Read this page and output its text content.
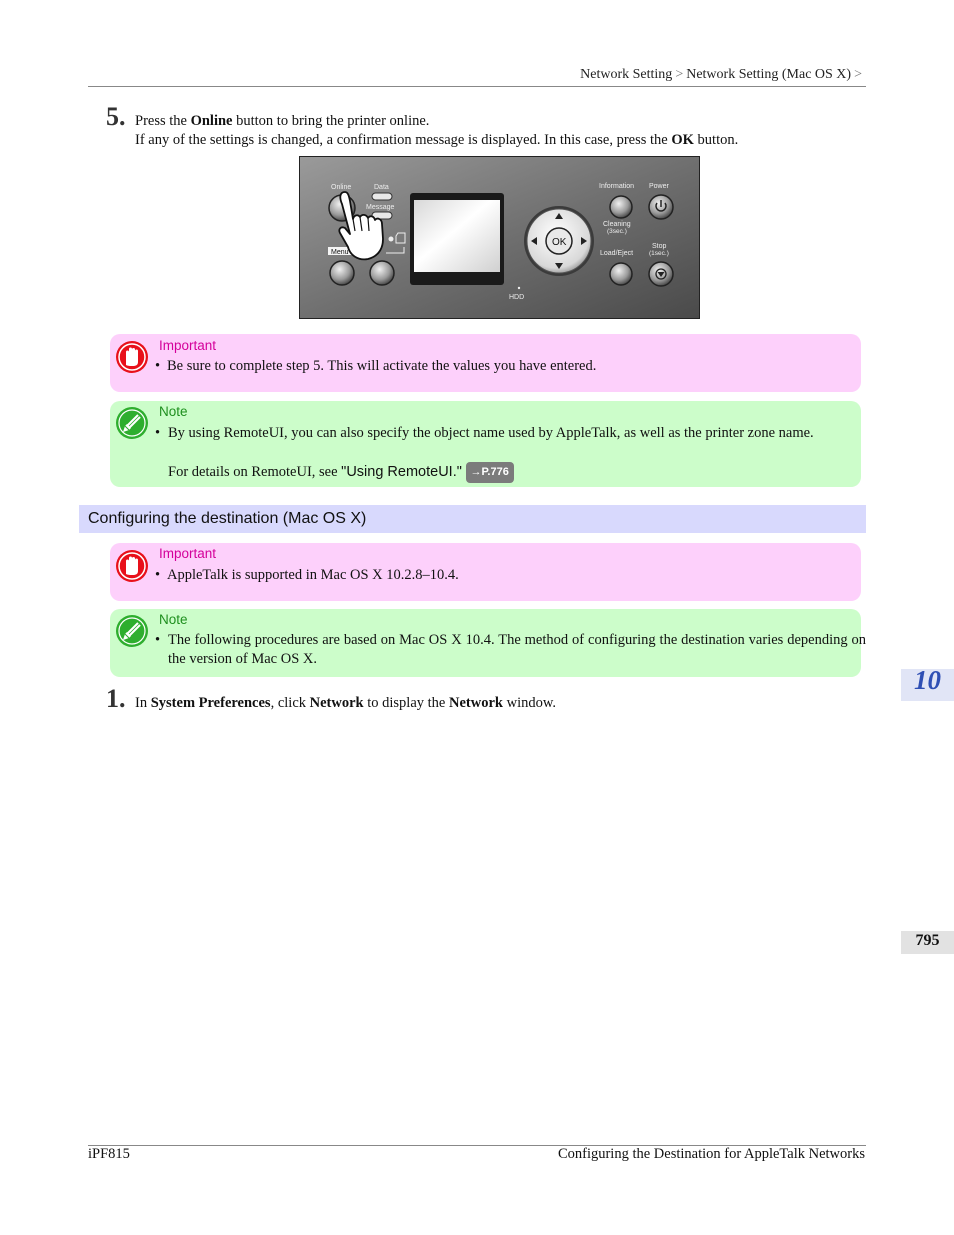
Network Setting > Network Setting (Mac OS X) >
5. Press the Online button to bring the printer online.
If any of the settings is changed, a confirmation message is displayed. In this case, press the OK button.
Online	Data
Message
Information Power
Cleaning
(3sec.)
Load/Eject
Stop
(1sec.)
Menu
HDD
OK
Important
• Be sure to complete step 5. This will activate the values you have entered.
Note
• By using RemoteUI, you can also specify the object name used by AppleTalk, as well as the printer zone name.
For details on RemoteUI, see "Using RemoteUI." →P.776
Configuring the destination (Mac OS X)
Important
• AppleTalk is supported in Mac OS X 10.2.8–10.4.
Note
• The following procedures are based on Mac OS X 10.4. The method of configuring the destination varies depending on the version of Mac OS X.
1. In System Preferences, click Network to display the Network window.
10
795
iPF815	Configuring the Destination for AppleTalk Networks
